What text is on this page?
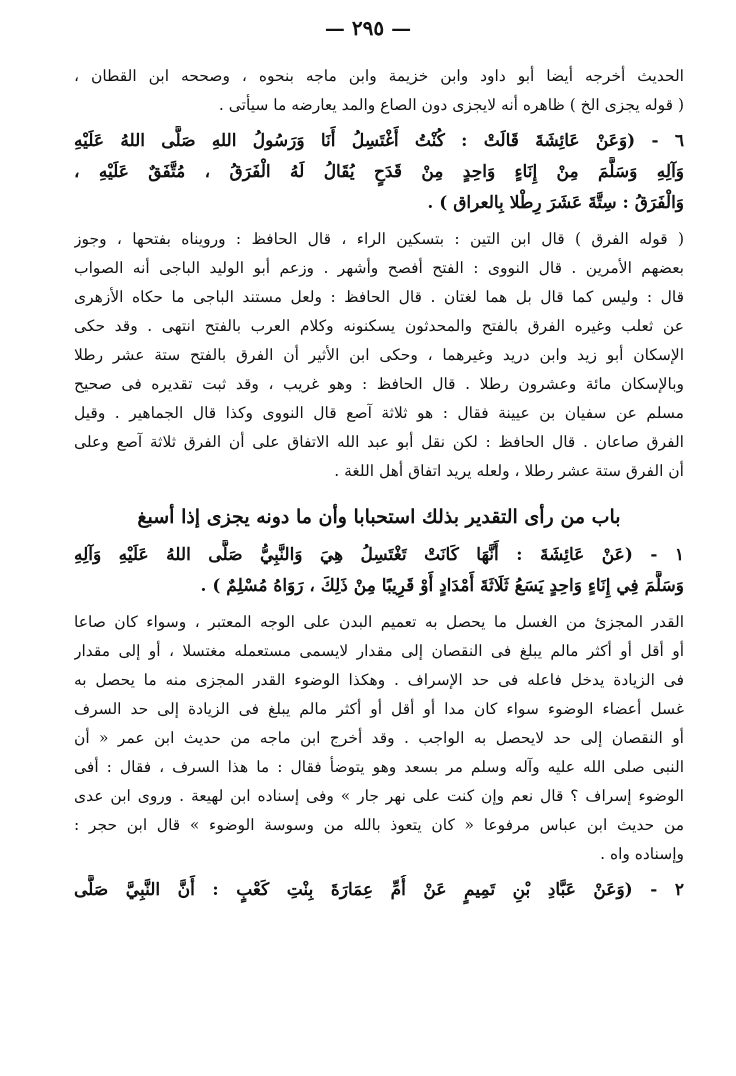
— ٢٩٥ —
الحديث أخرجه أيضا أبو داود وابن خزيمة وابن ماجه بنحوه ، وصححه ابن القطان ،
( قوله يجزى الخ ) ظاهره أنه لايجزى دون الصاع والمد يعارضه ما سيأتى .
٦ - (وَعَنْ عَائِشَةَ قَالَتْ : كُنْتُ أَغْتَسِلُ أَنَا وَرَسُولُ اللهِ صَلَّى اللهُ عَلَيْهِ
وَآلِهِ وَسَلَّمَ مِنْ إِنَاءٍ وَاحِدٍ مِنْ قَدَحٍ يُقَالُ لَهُ الْفَرَقُ ، مُتَّفَقٌ عَلَيْهِ ،
وَالْفَرَقُ : سِتَّةَ عَشَرَ رِطْلا بِالعراق ) .
( قوله الفرق ) قال ابن التين : بتسكين الراء ، قال الحافظ : ورويناه بفتحها ، وجوز
بعضهم الأمرين . قال النووى : الفتح أفصح وأشهر . وزعم أبو الوليد الباجى أنه الصواب
قال : وليس كما قال بل هما لغتان . قال الحافظ : ولعل مستند الباجى ما حكاه الأزهرى
عن ثعلب وغيره الفرق بالفتح والمحدثون يسكنونه وكلام العرب بالفتح انتهى . وقد حكى
الإسكان أبو زيد وابن دريد وغيرهما ، وحكى ابن الأثير أن الفرق بالفتح ستة عشر رطلا
وبالإسكان مائة وعشرون رطلا . قال الحافظ : وهو غريب ، وقد ثبت تقديره فى صحيح
مسلم عن سفيان بن عيينة فقال : هو ثلاثة آصع قال النووى وكذا قال الجماهير . وقيل
الفرق صاعان . قال الحافظ : لكن نقل أبو عبد الله الاتفاق على أن الفرق ثلاثة آصع وعلى
أن الفرق ستة عشر رطلا ، ولعله يريد اتفاق أهل اللغة .
باب من رأى التقدير بذلك استحبابا وأن ما دونه يجزى إذا أسبغ
١ - (عَنْ عَائِشَةَ : أَنَّهَا كَانَتْ تَغْتَسِلُ هِيَ وَالنَّبِيُّ صَلَّى اللهُ عَلَيْهِ وَآلِهِ
وَسَلَّمَ فِي إِنَاءٍ وَاحِدٍ يَسَعُ ثَلَاثَةَ أَمْدَادٍ أَوْ قَرِيبًا مِنْ ذَلِكَ ، رَوَاهُ مُسْلِمٌ ) .
القدر المجزئ من الغسل ما يحصل به تعميم البدن على الوجه المعتبر ، وسواء كان صاعا
أو أقل أو أكثر مالم يبلغ فى النقصان إلى مقدار لايسمى مستعمله مغتسلا ، أو إلى مقدار
فى الزيادة يدخل فاعله فى حد الإسراف . وهكذا الوضوء القدر المجزى منه ما يحصل به
غسل أعضاء الوضوء سواء كان مدا أو أقل أو أكثر مالم يبلغ فى الزيادة إلى حد السرف
أو النقصان إلى حد لايحصل به الواجب . وقد أخرج ابن ماجه من حديث ابن عمر « أن
النبى صلى الله عليه وآله وسلم مر بسعد وهو يتوضأ فقال : ما هذا السرف ، فقال : أفى
الوضوء إسراف ؟ قال نعم وإن كنت على نهر جار » وفى إسناده ابن لهيعة . وروى ابن عدى
من حديث ابن عباس مرفوعا « كان يتعوذ بالله من وسوسة الوضوء » قال ابن حجر :
وإسناده واه .
٢ - (وَعَنْ عَبَّادِ بْنِ تَمِيمٍ عَنْ أُمِّ عِمَارَةَ بِنْتِ كَعْبٍ : أَنَّ النَّبِيَّ صَلَّى
